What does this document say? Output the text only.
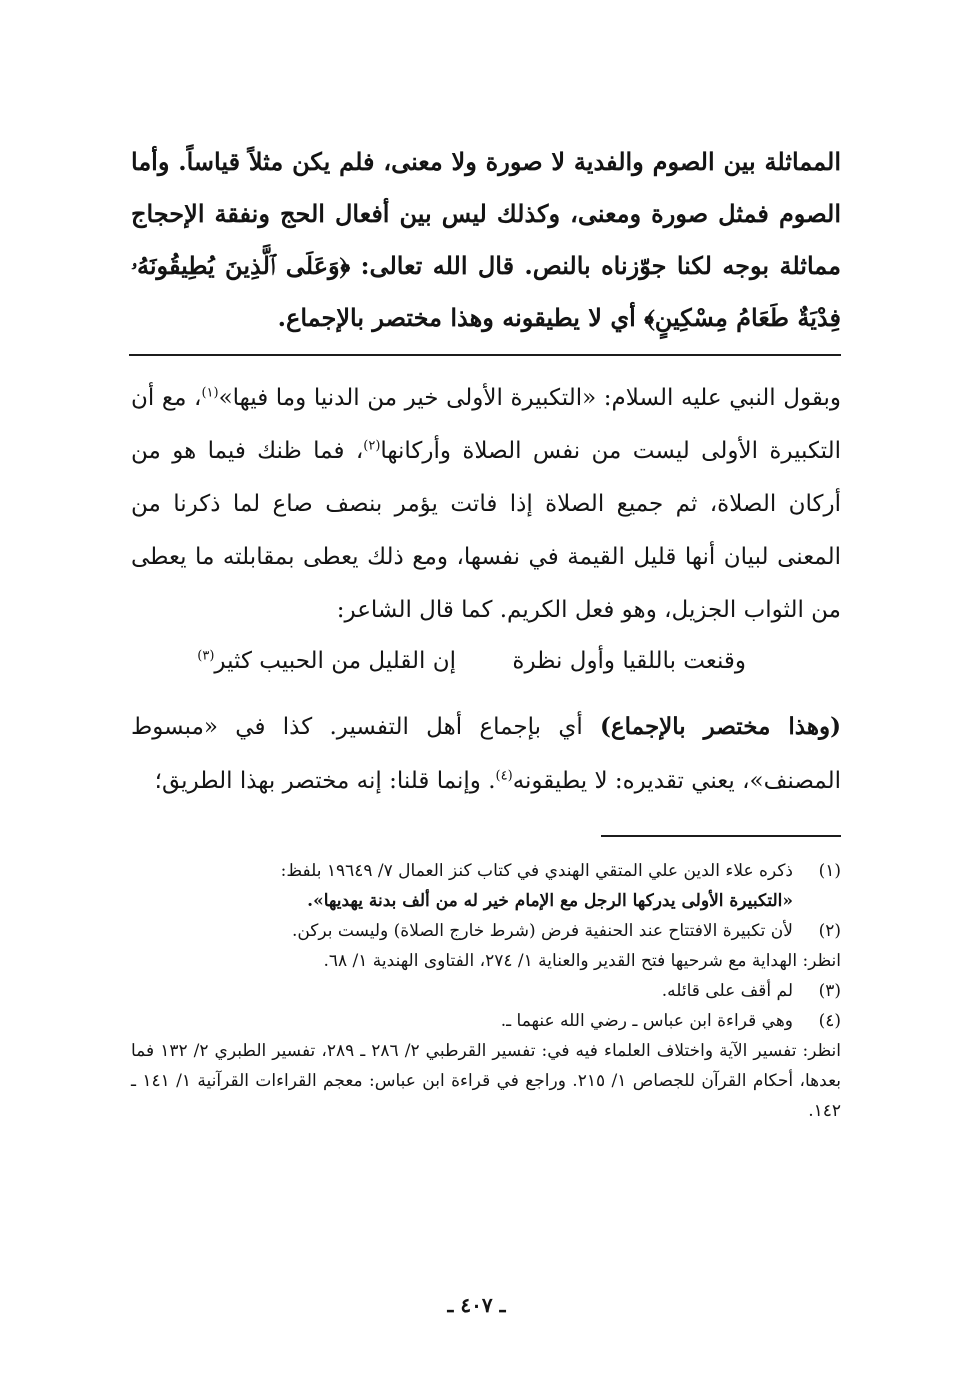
المماثلة بين الصوم والفدية لا صورة ولا معنى، فلم يكن مثلاً قياساً. وأما الصوم فمثل صورة ومعنى، وكذلك ليس بين أفعال الحج ونفقة الإحجاج مماثلة بوجه لكنا جوّزناه بالنص. قال الله تعالى: ﴿وَعَلَى ٱلَّذِينَ يُطِيقُونَهُۥ فِدْيَةٌ طَعَامُ مِسْكِينٍ﴾ أي لا يطيقونه وهذا مختصر بالإجماع.

وبقول النبي عليه السلام: «التكبيرة الأولى خير من الدنيا وما فيها»$^{(١)}$، مع أن التكبيرة الأولى ليست من نفس الصلاة وأركانها$^{(٢)}$، فما ظنك فيما هو من أركان الصلاة، ثم جميع الصلاة إذا فاتت يؤمر بنصف صاع لما ذكرنا من المعنى لبيان أنها قليل القيمة في نفسها، ومع ذلك يعطى بمقابلته ما يعطى من الثواب الجزيل، وهو فعل الكريم. كما قال الشاعر:

وقنعت باللقيا وأول نظرة
إن القليل من الحبيب كثير$^{(٣)}$

(وهذا مختصر بالإجماع) أي بإجماع أهل التفسير. كذا في «مبسوط المصنف»، يعني تقديره: لا يطيقونه$^{(٤)}$. وإنما قلنا: إنه مختصر بهذا الطريق؛

(١)
ذكره علاء الدين علي المتقي الهندي في كتاب كنز العمال ٧/ ١٩٦٤٩ بلفظ:
«التكبيرة الأولى يدركها الرجل مع الإمام خير له من ألف بدنة يهديها».
(٢)
لأن تكبيرة الافتتاح عند الحنفية فرض (شرط خارج الصلاة) وليست بركن.
انظر: الهداية مع شرحيها فتح القدير والعناية ١/ ٢٧٤، الفتاوى الهندية ١/ ٦٨.
(٣)
لم أقف على قائله.
(٤)
وهي قراءة ابن عباس ـ رضي الله عنهما ـ.
انظر: تفسير الآية واختلاف العلماء فيه في: تفسير القرطبي ٢/ ٢٨٦ ـ ٢٨٩، تفسير الطبري ٢/ ١٣٢ فما بعدها، أحكام القرآن للجصاص ١/ ٢١٥. وراجع في قراءة ابن عباس: معجم القراءات القرآنية ١/ ١٤١ ـ ١٤٢.
ـ ٤٠٧ ـ
